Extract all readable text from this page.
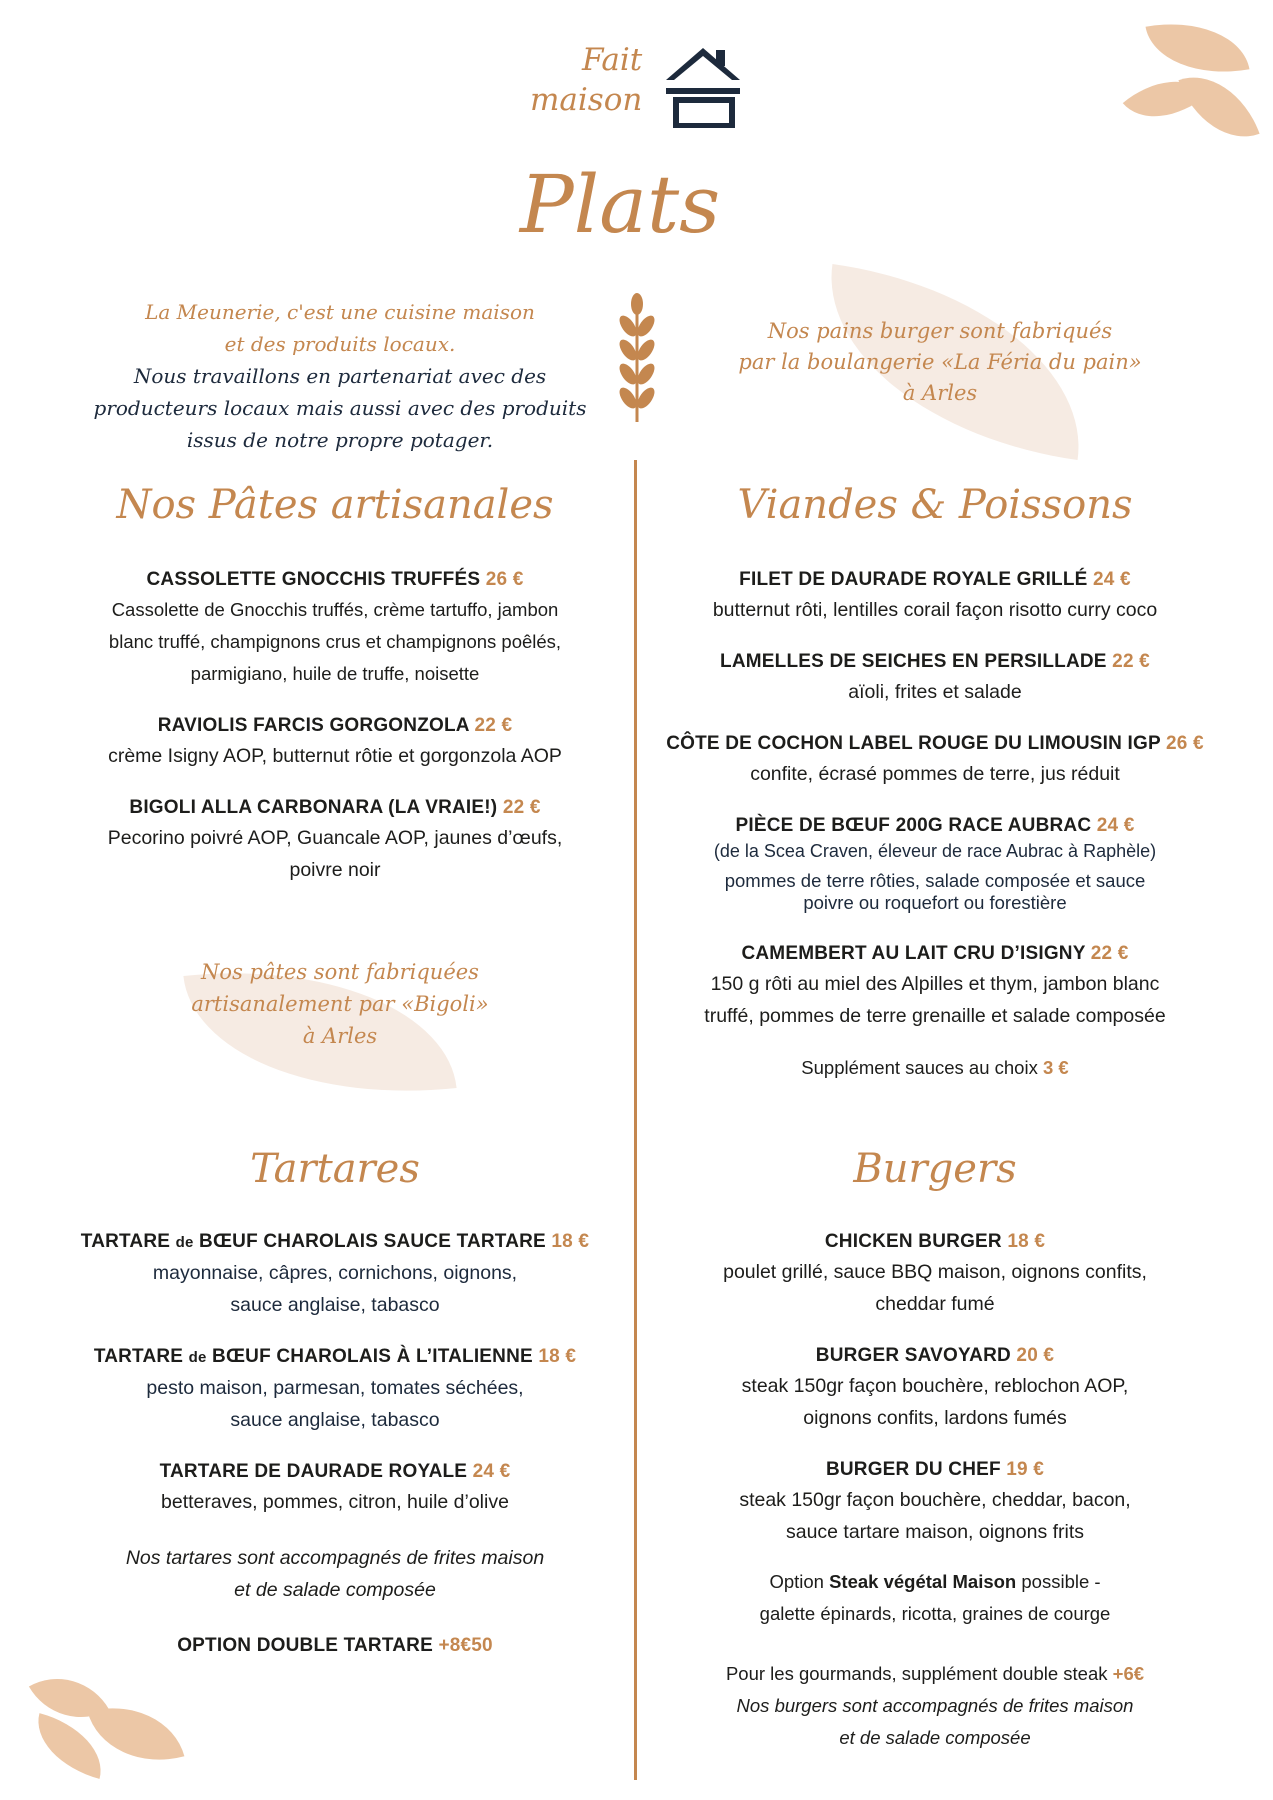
Fait
maison
Plats
La Meunerie, c'est une cuisine maison
et des produits locaux.
Nous travaillons en partenariat avec des
producteurs locaux mais aussi avec des produits
issus de notre propre potager.
Nos pains burger sont fabriqués
par la boulangerie «La Féria du pain»
à Arles
Nos Pâtes artisanales	Viandes & Poissons
Tartares	Burgers
CASSOLETTE GNOCCHIS TRUFFÉS 26 €
Cassolette de Gnocchis truffés, crème tartuffo, jambon
blanc truffé, champignons crus et champignons poêlés,
parmigiano, huile de truffe, noisette
RAVIOLIS FARCIS GORGONZOLA 22 €
crème Isigny AOP, butternut rôtie et gorgonzola AOP
BIGOLI ALLA CARBONARA (LA VRAIE!) 22 €
Pecorino poivré AOP, Guancale AOP, jaunes d’œufs,
poivre noir
Nos pâtes sont fabriquées
artisanalement par «Bigoli»
à Arles
FILET DE DAURADE ROYALE GRILLÉ 24 €
butternut rôti, lentilles corail façon risotto curry coco
LAMELLES DE SEICHES EN PERSILLADE 22 €
aïoli, frites et salade
CÔTE DE COCHON LABEL ROUGE DU LIMOUSIN IGP 26 €
confite, écrasé pommes de terre, jus réduit
PIÈCE DE BŒUF 200G RACE AUBRAC 24 €
(de la Scea Craven, éleveur de race Aubrac à Raphèle)
pommes de terre rôties, salade composée et sauce
poivre ou roquefort ou forestière
CAMEMBERT AU LAIT CRU D’ISIGNY 22 €
150 g rôti au miel des Alpilles et thym, jambon blanc
truffé, pommes de terre grenaille et salade composée
Supplément sauces au choix 3 €
TARTARE de BŒUF CHAROLAIS SAUCE TARTARE 18 €
mayonnaise, câpres, cornichons, oignons,
sauce anglaise, tabasco
TARTARE de BŒUF CHAROLAIS À L’ITALIENNE 18 €
pesto maison, parmesan, tomates séchées,
sauce anglaise, tabasco
TARTARE DE DAURADE ROYALE 24 €
betteraves, pommes, citron, huile d’olive
Nos tartares sont accompagnés de frites maison
et de salade composée
OPTION DOUBLE TARTARE +8€50
CHICKEN BURGER 18 €
poulet grillé, sauce BBQ maison, oignons confits,
cheddar fumé
BURGER SAVOYARD 20 €
steak 150gr façon bouchère, reblochon AOP,
oignons confits, lardons fumés
BURGER DU CHEF 19 €
steak 150gr façon bouchère, cheddar, bacon,
sauce tartare maison, oignons frits
Option Steak végétal Maison possible -
galette épinards, ricotta, graines de courge
Pour les gourmands, supplément double steak +6€
Nos burgers sont accompagnés de frites maison
et de salade composée
